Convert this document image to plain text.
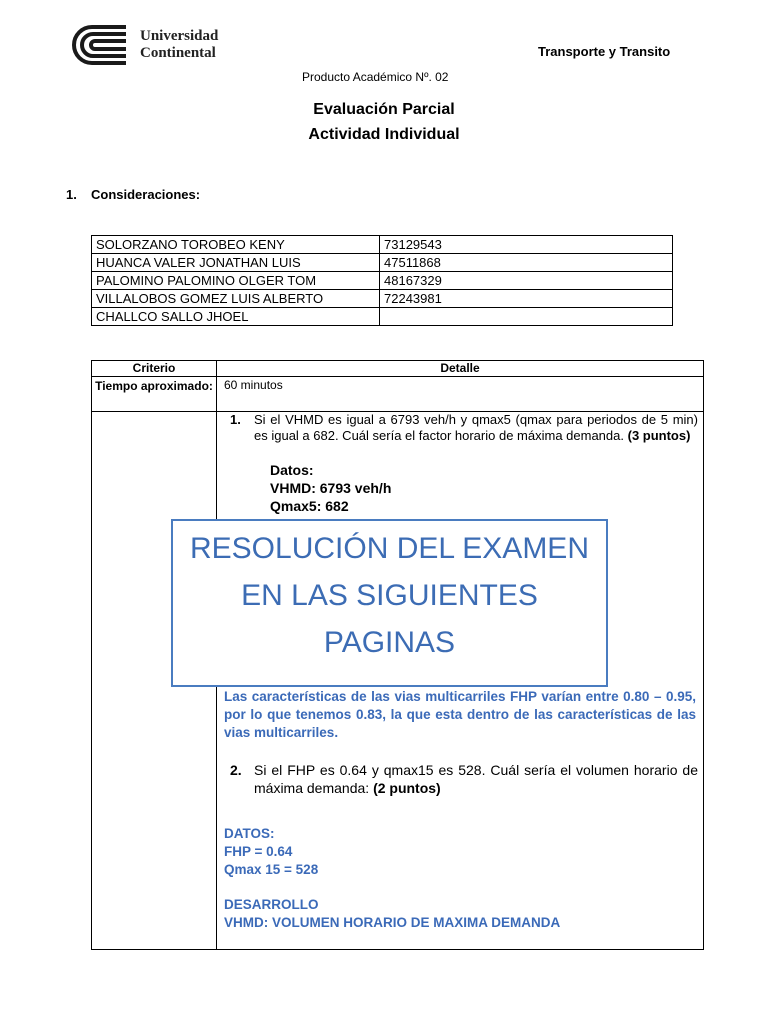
Universidad
Continental	Transporte y Transito
Producto Académico Nº. 02
Evaluación Parcial
Actividad Individual
1. Consideraciones:
SOLORZANO TOROBEO KENY	73129543
HUANCA VALER JONATHAN LUIS	47511868
PALOMINO PALOMINO OLGER TOM	48167329
VILLALOBOS GOMEZ LUIS ALBERTO	72243981
CHALLCO SALLO JHOEL	
Criterio	Detalle
Tiempo aproximado: 60 minutos
1. Si el VHMD es igual a 6793 veh/h y qmax5 (qmax para periodos de 5 min) es igual a 682. Cuál sería el factor horario de máxima demanda. (3 puntos)
Datos:
VHMD: 6793 veh/h
Qmax5: 682
Las características de las vias multicarriles FHP varían entre 0.80 – 0.95, por lo que tenemos 0.83, la que esta dentro de las características de las vias multicarriles.
2. Si el FHP es 0.64 y qmax15 es 528. Cuál sería el volumen horario de máxima demanda: (2 puntos)
DATOS:
FHP = 0.64
Qmax 15 = 528
DESARROLLO
VHMD: VOLUMEN HORARIO DE MAXIMA DEMANDA
RESOLUCIÓN DEL EXAMEN
EN LAS SIGUIENTES
PAGINAS
